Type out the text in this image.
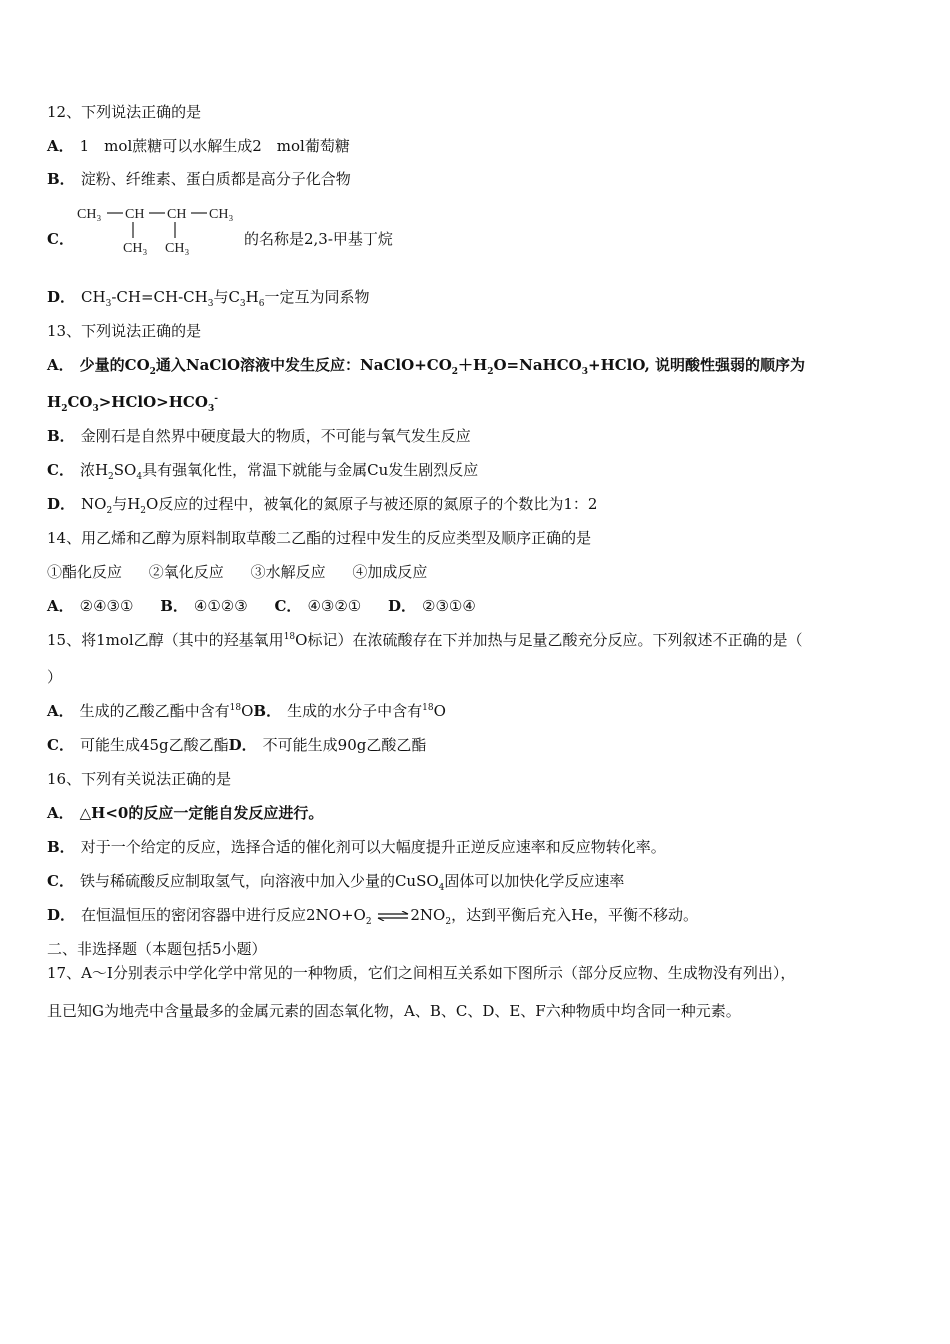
12、下列说法正确的是
A． 1　mol蔗糖可以水解生成2　mol葡萄糖
B． 淀粉、纤维素、蛋白质都是高分子化合物
C．
CH₃ CH CH CH₃
CH₃ CH₃
的名称是2,3-甲基丁烷
D． $CH_3-CH=CH-CH_3$与$C_3H_6$一定互为同系物
13、下列说法正确的是
A． 少量的$CO_2$通入NaClO溶液中发生反应：$NaClO+CO_2+H_2O=NaHCO_3+HClO$, 说明酸性强弱的顺序为
$H_2CO_3>HClO>HCO_3^-$
B． 金刚石是自然界中硬度最大的物质，不可能与氧气发生反应
C． 浓$H_2SO_4$具有强氧化性，常温下就能与金属Cu发生剧烈反应
D． $NO_2$与$H_2O$反应的过程中，被氧化的氮原子与被还原的氮原子的个数比为1：2
14、用乙烯和乙醇为原料制取草酸二乙酯的过程中发生的反应类型及顺序正确的是
①酯化反应 ②氧化反应 ③水解反应 ④加成反应
A． ②④③① B． ④①②③ C． ④③②① D． ②③①④
15、将1mol乙醇（其中的羟基氧用$^{18}$O标记）在浓硫酸存在下并加热与足量乙酸充分反应。下列叙述不正确的是（
）
A． 生成的乙酸乙酯中含有$^{18}$OB． 生成的水分子中含有$^{18}$O
C． 可能生成45g乙酸乙酯D． 不可能生成90g乙酸乙酯
16、下列有关说法正确的是
A． △H<0的反应一定能自发反应进行。
B． 对于一个给定的反应，选择合适的催化剂可以大幅度提升正逆反应速率和反应物转化率。
C． 铁与稀硫酸反应制取氢气，向溶液中加入少量的CuSO$_4$固体可以加快化学反应速率
D． 在恒温恒压的密闭容器中进行反应$2NO+O_2$ $\rightleftharpoons 2NO_2$，达到平衡后充入He，平衡不移动。
二、非选择题（本题包括5小题）
17、A～I分别表示中学化学中常见的一种物质，它们之间相互关系如下图所示（部分反应物、生成物没有列出），
且已知G为地壳中含量最多的金属元素的固态氧化物，A、B、C、D、E、F六种物质中均含同一种元素。
